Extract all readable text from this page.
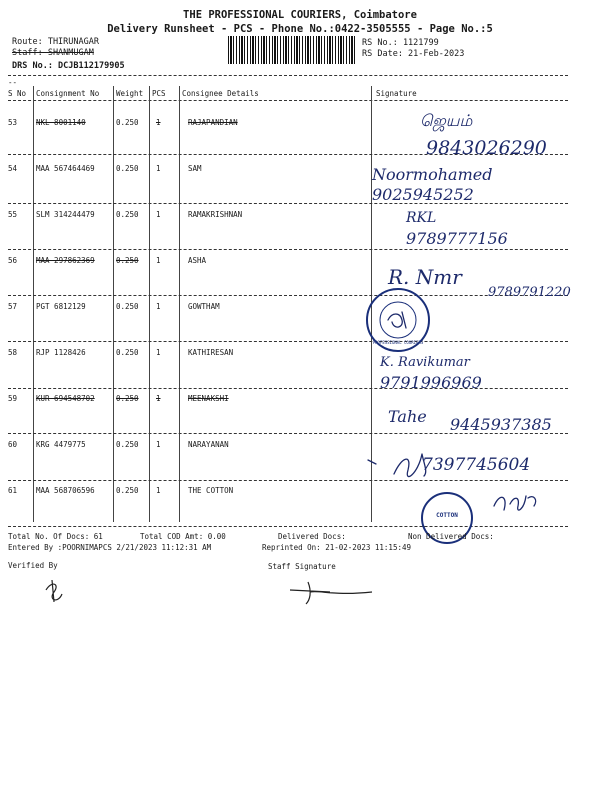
THE PROFESSIONAL COURIERS, Coimbatore
Delivery Runsheet - PCS - Phone No.:0422-3505555 - Page No.:5
Route: THIRUNAGAR
Staff: SHANMUGAM
DRS No.: DCJB112179905
RS No.: 1121799
RS Date: 21-Feb-2023
--
S No Consignment No Weight PCS Consignee Details	Signature
53	NKL 8001140	0.250 1	RAJAPANDIAN
54	MAA 567464469	0.250 1	SAM
55	SLM 314244479	0.250 1	RAMAKRISHNAN
56	MAA 297862369	0.250 1	ASHA
57	PGT 6812129	0.250 1	GOWTHAM
58	RJP 1128426	0.250 1	KATHIRESAN
59	KUR 694548702	0.250 1	MEENAKSHI
60	KRG 4479775	0.250 1	NARAYANAN
61	MAA 568706596	0.250 1	THE COTTON
ஜெயம்
9843026290
Noormohamed
9025945252
RKL
9789777156
R. Nmr
9789791220
K. Ravikumar
9791996969
Tahe 9445937385
7397745604
PROFESSIONAL COURIERS
COTTON
Total No. Of Docs: 61	Total COD Amt: 0.00	Delivered Docs:	Non Delivered Docs:
Entered By :POORNIMAPCS 2/21/2023 11:12:31 AM	Reprinted On: 21-02-2023 11:15:49
Verified By	Staff Signature
